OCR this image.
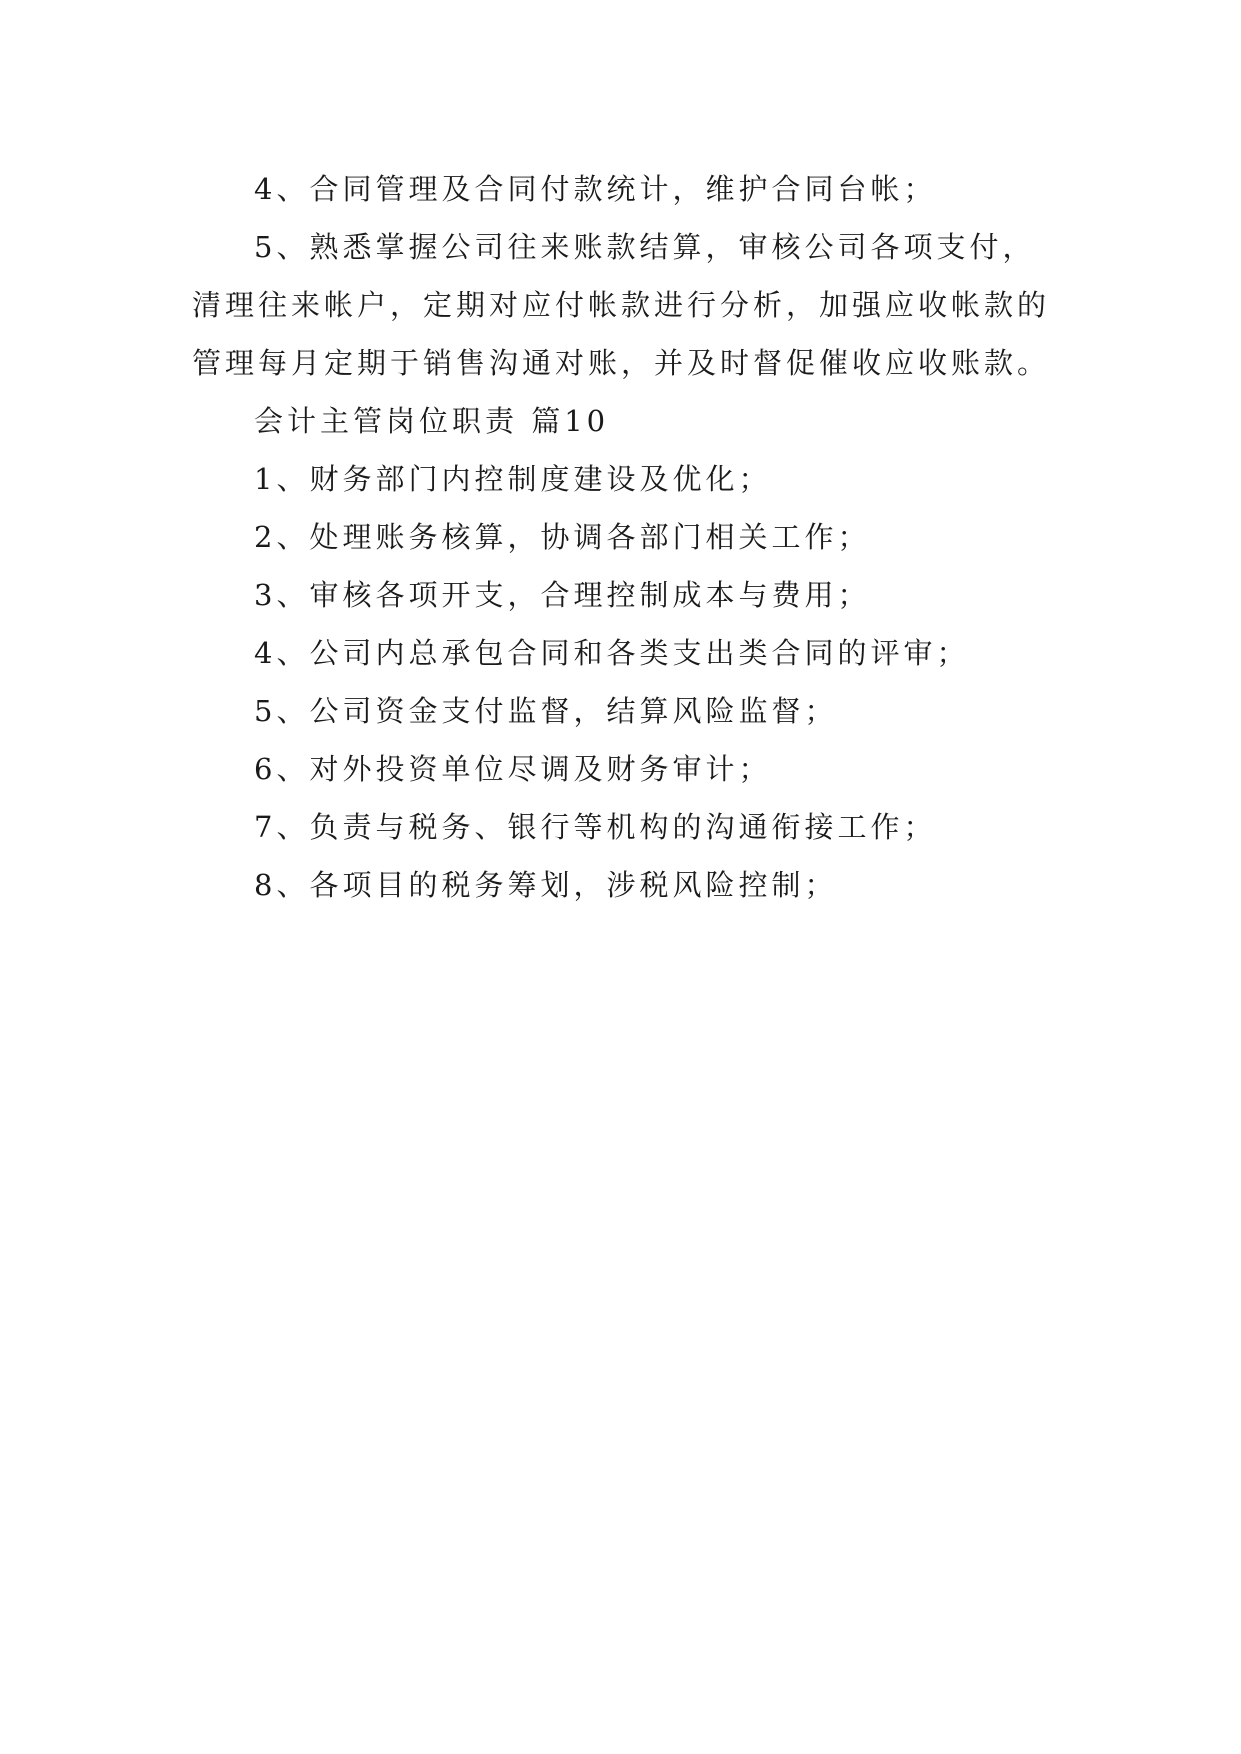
4、合同管理及合同付款统计，维护合同台帐；
5、熟悉掌握公司往来账款结算，审核公司各项支付，
清理往来帐户，定期对应付帐款进行分析，加强应收帐款的
管理每月定期于销售沟通对账，并及时督促催收应收账款。
会计主管岗位职责 篇10
1、财务部门内控制度建设及优化；
2、处理账务核算，协调各部门相关工作；
3、审核各项开支，合理控制成本与费用；
4、公司内总承包合同和各类支出类合同的评审；
5、公司资金支付监督，结算风险监督；
6、对外投资单位尽调及财务审计；
7、负责与税务、银行等机构的沟通衔接工作；
8、各项目的税务筹划，涉税风险控制；
